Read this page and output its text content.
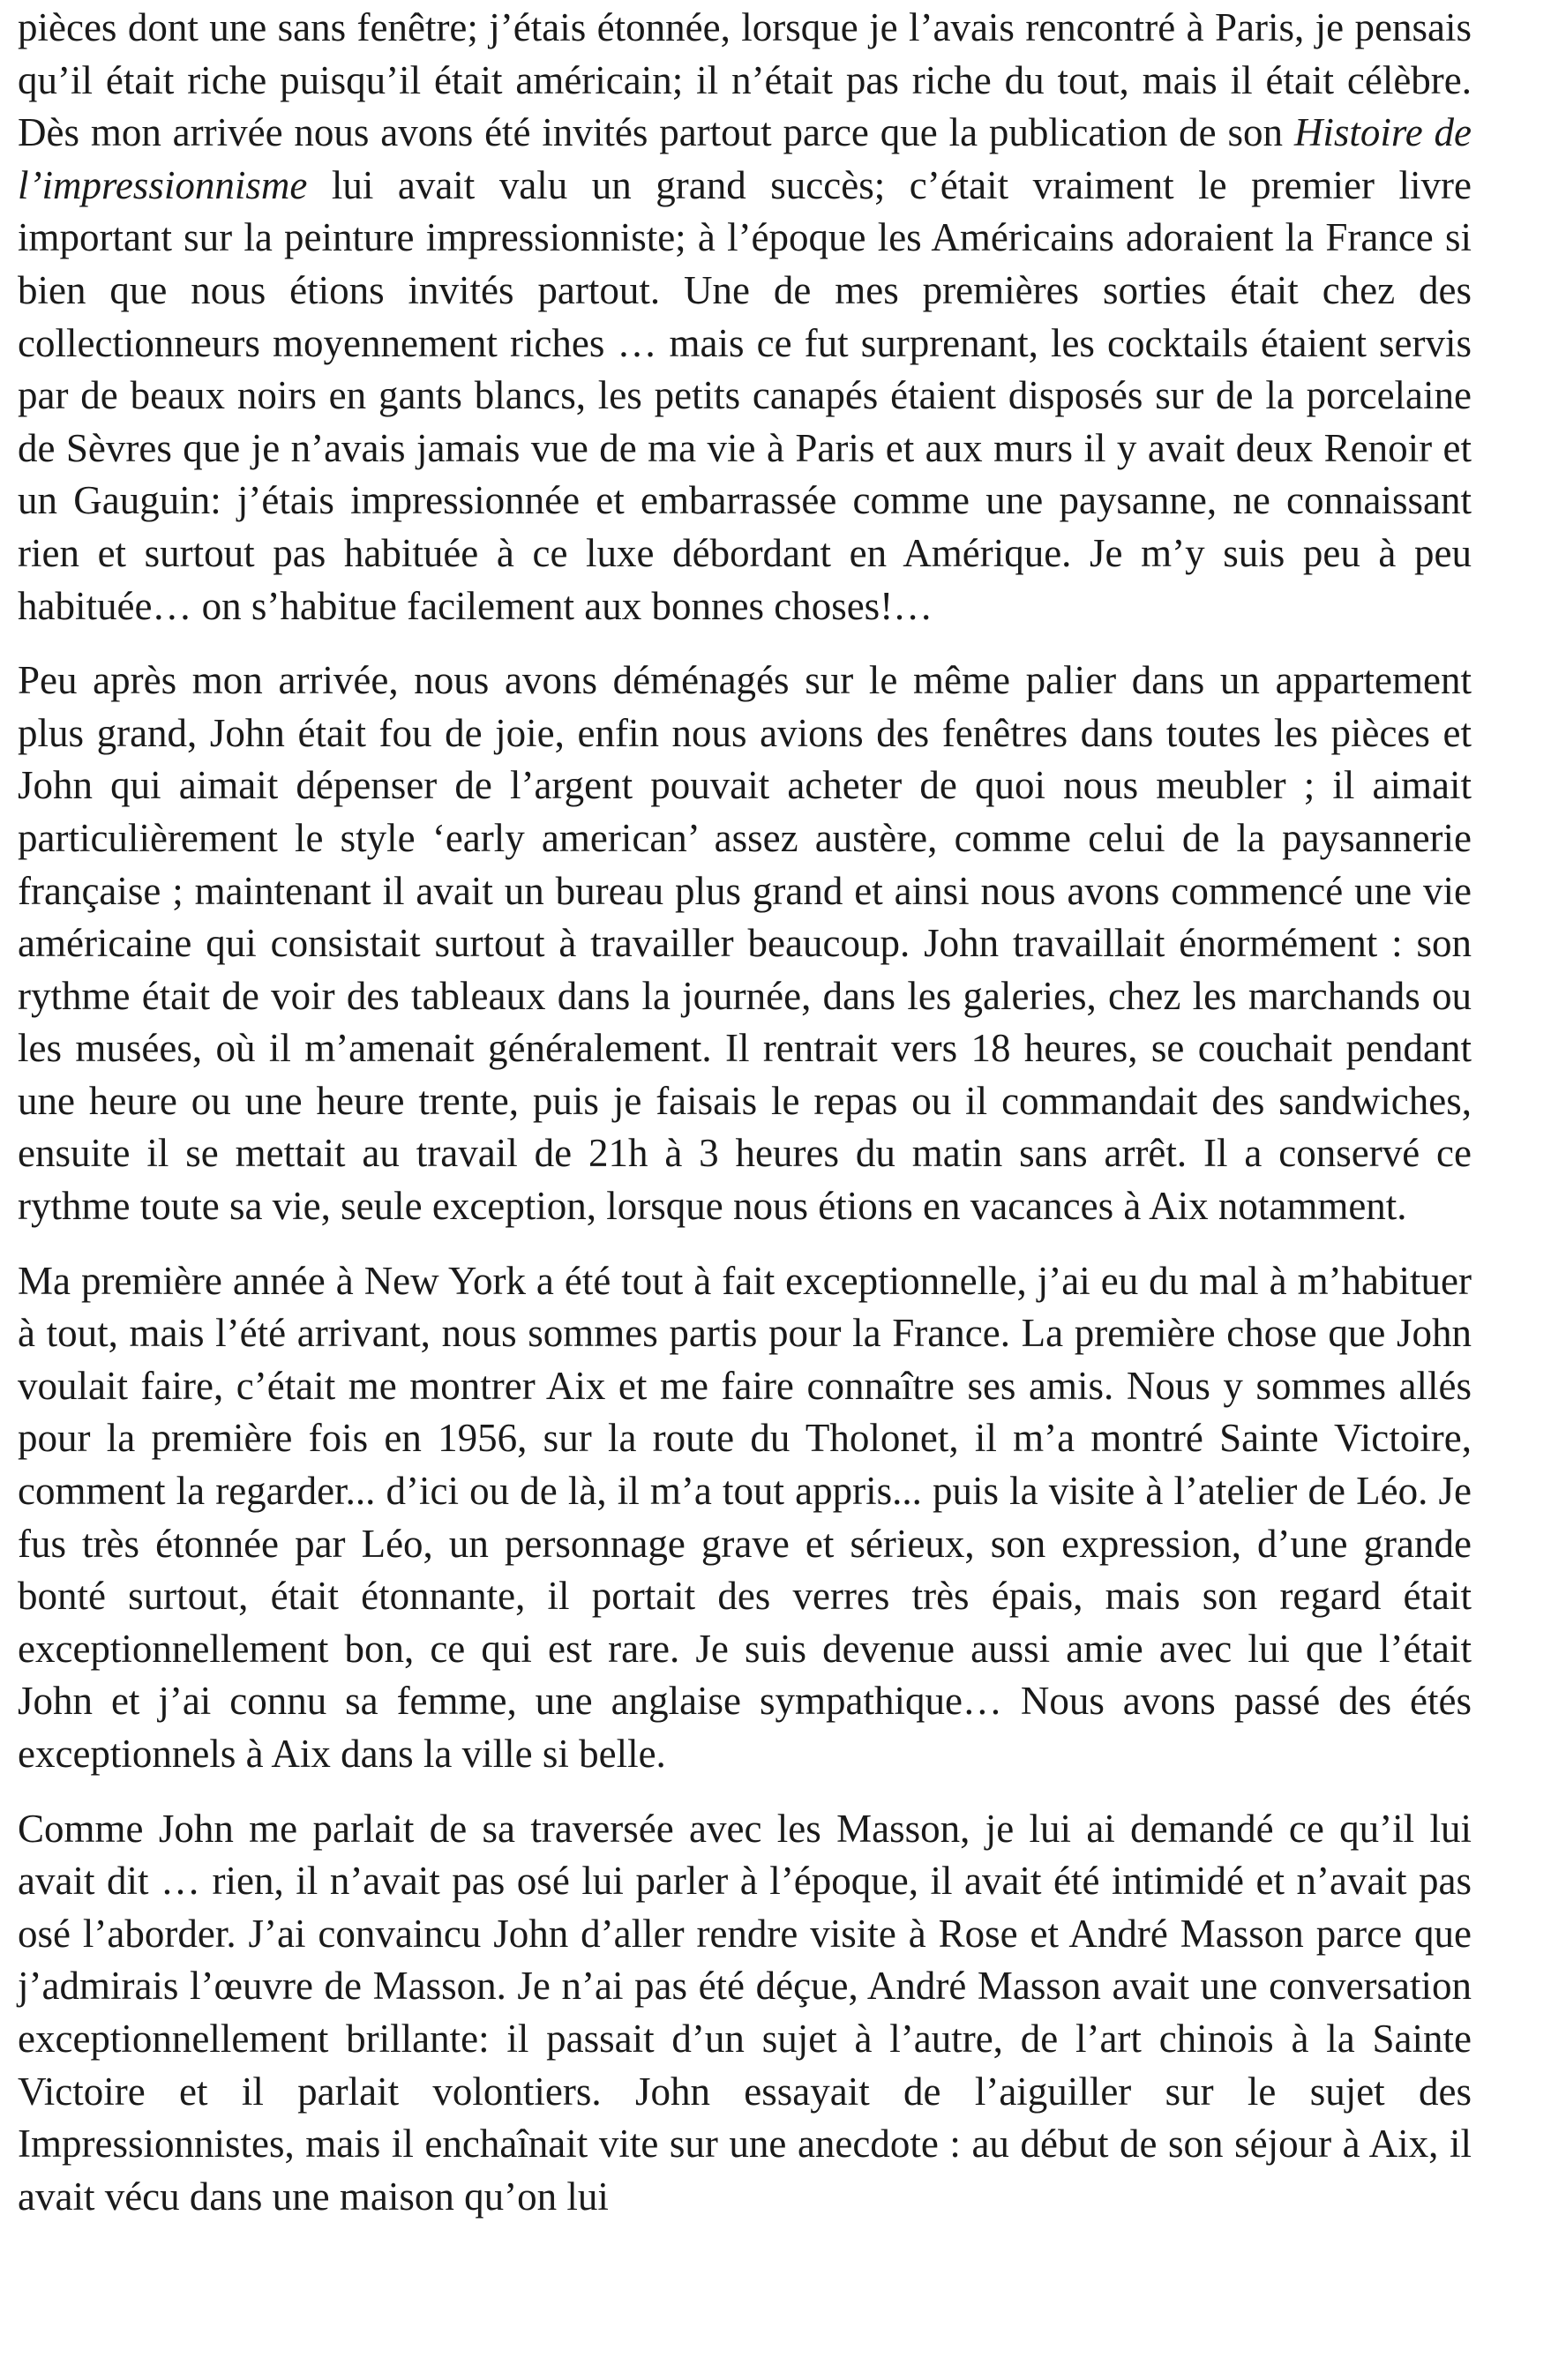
pièces dont une sans fenêtre; j’étais étonnée, lorsque je l’avais rencontré à Paris, je pensais qu’il était riche puisqu’il était américain; il n’était pas riche du tout, mais il était célèbre. Dès mon arrivée nous avons été invités partout parce que la publication de son Histoire de l’impressionnisme lui avait valu un grand succès; c’était vraiment le premier livre important sur la peinture impressionniste; à l’époque les Américains adoraient la France si bien que nous étions invités partout. Une de mes premières sorties était chez des collectionneurs moyennement riches … mais ce fut surprenant, les cocktails étaient servis par de beaux noirs en gants blancs, les petits canapés étaient disposés sur de la porcelaine de Sèvres que je n’avais jamais vue de ma vie à Paris et aux murs il y avait deux Renoir et un Gauguin: j’étais impressionnée et embarrassée comme une paysanne, ne connaissant rien et surtout pas habituée à ce luxe débordant en Amérique. Je m’y suis peu à peu habituée… on s’habitue facilement aux bonnes choses!…

Peu après mon arrivée, nous avons déménagés sur le même palier dans un appartement plus grand, John était fou de joie, enfin nous avions des fenêtres dans toutes les pièces et John qui aimait dépenser de l’argent pouvait acheter de quoi nous meubler ; il aimait particulièrement le style ‘early american’ assez austère, comme celui de la paysannerie française ; maintenant il avait un bureau plus grand et ainsi nous avons commencé une vie américaine qui consistait surtout à travailler beaucoup. John travaillait énormément : son rythme était de voir des tableaux dans la journée, dans les galeries, chez les marchands ou les musées, où il m’amenait généralement. Il rentrait vers 18 heures, se couchait pendant une heure ou une heure trente, puis je faisais le repas ou il commandait des sandwiches, ensuite il se mettait au travail de 21h à 3 heures du matin sans arrêt. Il a conservé ce rythme toute sa vie, seule exception, lorsque nous étions en vacances à Aix notamment.

Ma première année à New York a été tout à fait exceptionnelle, j’ai eu du mal à m’habituer à tout, mais l’été arrivant, nous sommes partis pour la France. La première chose que John voulait faire, c’était me montrer Aix et me faire connaître ses amis. Nous y sommes allés pour la première fois en 1956, sur la route du Tholonet, il m’a montré Sainte Victoire, comment la regarder... d’ici ou de là, il m’a tout appris... puis la visite à l’atelier de Léo. Je fus très étonnée par Léo, un personnage grave et sérieux, son expression, d’une grande bonté surtout, était étonnante, il portait des verres très épais, mais son regard était exceptionnellement bon, ce qui est rare. Je suis devenue aussi amie avec lui que l’était John et j’ai connu sa femme, une anglaise sympathique… Nous avons passé des étés exceptionnels à Aix dans la ville si belle.

Comme John me parlait de sa traversée avec les Masson, je lui ai demandé ce qu’il lui avait dit … rien, il n’avait pas osé lui parler à l’époque, il avait été intimidé et n’avait pas osé l’aborder. J’ai convaincu John d’aller rendre visite à Rose et André Masson parce que j’admirais l’œuvre de Masson. Je n’ai pas été déçue, André Masson avait une conversation exceptionnellement brillante: il passait d’un sujet à l’autre, de l’art chinois à la Sainte Victoire et il parlait volontiers. John essayait de l’aiguiller sur le sujet des Impressionnistes, mais il enchaînait vite sur une anecdote : au début de son séjour à Aix, il avait vécu dans une maison qu’on lui
